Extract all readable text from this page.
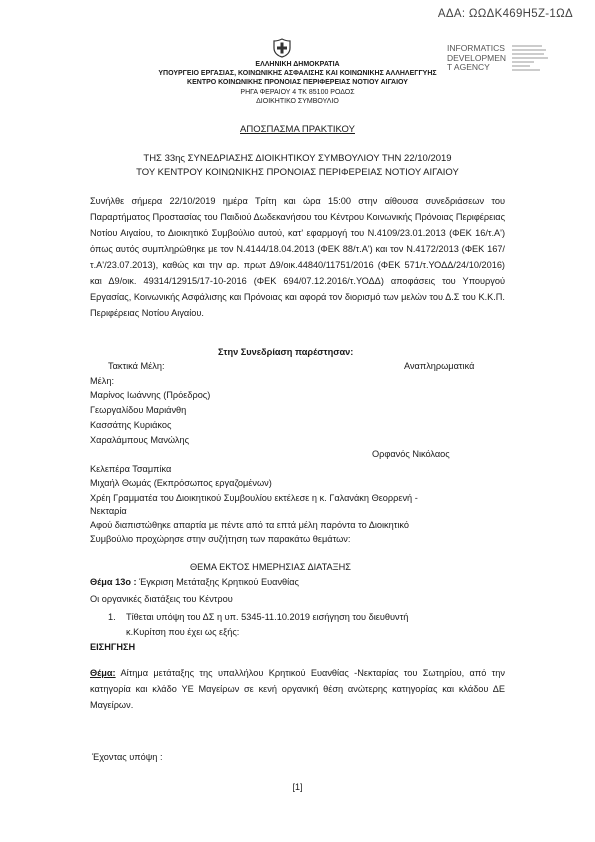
ΑΔΑ: ΩΩΔΚ469Η5Ζ-1ΩΔ
ΕΛΛΗΝΙΚΗ ΔΗΜΟΚΡΑΤΙΑ
ΥΠΟΥΡΓΕΙΟ ΕΡΓΑΣΙΑΣ, ΚΟΙΝΩΝΙΚΗΣ ΑΣΦΑΛΙΣΗΣ ΚΑΙ ΚΟΙΝΩΝΙΚΗΣ ΑΛΛΗΛΕΓΓΥΗΣ
ΚΕΝΤΡΟ ΚΟΙΝΩΝΙΚΗΣ ΠΡΟΝΟΙΑΣ ΠΕΡΙΦΕΡΕΙΑΣ ΝΟΤΙΟΥ ΑΙΓΑΙΟΥ
ΡΗΓΑ ΦΕΡΑΙΟΥ 4 ΤΚ 85100 ΡΟΔΟΣ
ΔΙΟΙΚΗΤΙΚΟ ΣΥΜΒΟΥΛΙΟ
INFORMATICS
DEVELOPMEN
T AGENCY
ΑΠΟΣΠΑΣΜΑ ΠΡΑΚΤΙΚΟΥ
ΤΗΣ 33ης ΣΥΝΕΔΡΙΑΣΗΣ ΔΙΟΙΚΗΤΙΚΟΥ ΣΥΜΒΟΥΛΙΟΥ ΤΗΝ 22/10/2019
ΤΟΥ ΚΕΝΤΡΟΥ ΚΟΙΝΩΝΙΚΗΣ ΠΡΟΝΟΙΑΣ ΠΕΡΙΦΕΡΕΙΑΣ ΝΟΤΙΟΥ ΑΙΓΑΙΟΥ
Συνήλθε σήμερα 22/10/2019 ημέρα Τρίτη και ώρα 15:00 στην αίθουσα συνεδριάσεων του Παραρτήματος Προστασίας του Παιδιού Δωδεκανήσου του Κέντρου Κοινωνικής Πρόνοιας Περιφέρειας Νοτίου Αιγαίου, το Διοικητικό Συμβούλιο αυτού, κατ' εφαρμογή του Ν.4109/23.01.2013 (ΦΕΚ 16/τ.Α') όπως αυτός συμπληρώθηκε με τον Ν.4144/18.04.2013 (ΦΕΚ 88/τ.Α') και τον Ν.4172/2013 (ΦΕΚ 167/τ.Α'/23.07.2013), καθώς και την αρ. πρωτ Δ9/οικ.44840/11751/2016 (ΦΕΚ 571/τ.ΥΟΔΔ/24/10/2016) και Δ9/οικ. 49314/12915/17-10-2016 (ΦΕΚ 694/07.12.2016/τ.ΥΟΔΔ) αποφάσεις του Υπουργού Εργασίας, Κοινωνικής Ασφάλισης και Πρόνοιας και αφορά τον διορισμό των μελών του Δ.Σ του Κ.Κ.Π. Περιφέρειας Νοτίου Αιγαίου.
Στην Συνεδρίαση παρέστησαν:
Τακτικά Μέλη:	Αναπληρωματικά
Μέλη:
Μαρίνος Ιωάννης (Πρόεδρος)
Γεωργαλίδου Μαριάνθη
Κασσάτης Κυριάκος
Χαραλάμπους Μανώλης
Ορφανός Νικόλαος
Κελεπέρα Τσαμπίκα
Μιχαήλ Θωμάς (Εκπρόσωπος εργαζομένων)
Χρέη Γραμματέα του Διοικητικού Συμβουλίου εκτέλεσε η κ. Γαλανάκη Θεορρενή -
Νεκταρία
Αφού διαπιστώθηκε απαρτία με πέντε από τα επτά μέλη παρόντα το Διοικητικό
Συμβούλιο προχώρησε στην συζήτηση των παρακάτω θεμάτων:
ΘΕΜΑ ΕΚΤΟΣ ΗΜΕΡΗΣΙΑΣ ΔΙΑΤΑΞΗΣ
Θέμα 13ο : Έγκριση Μετάταξης Κρητικού Ευανθίας
Οι οργανικές διατάξεις του Κέντρου
1. Τίθεται υπόψη του ΔΣ η υπ. 5345-11.10.2019 εισήγηση του διευθυντή
κ.Κυρίτση που έχει ως εξής:
ΕΙΣΗΓΗΣΗ
Θέμα: Αίτημα μετάταξης της υπαλλήλου Κρητικού Ευανθίας -Νεκταρίας του Σωτηρίου, από την κατηγορία και κλάδο ΥΕ Μαγείρων σε κενή οργανική θέση ανώτερης κατηγορίας και κλάδου ΔΕ Μαγείρων.
Έχοντας υπόψη :
[1]
